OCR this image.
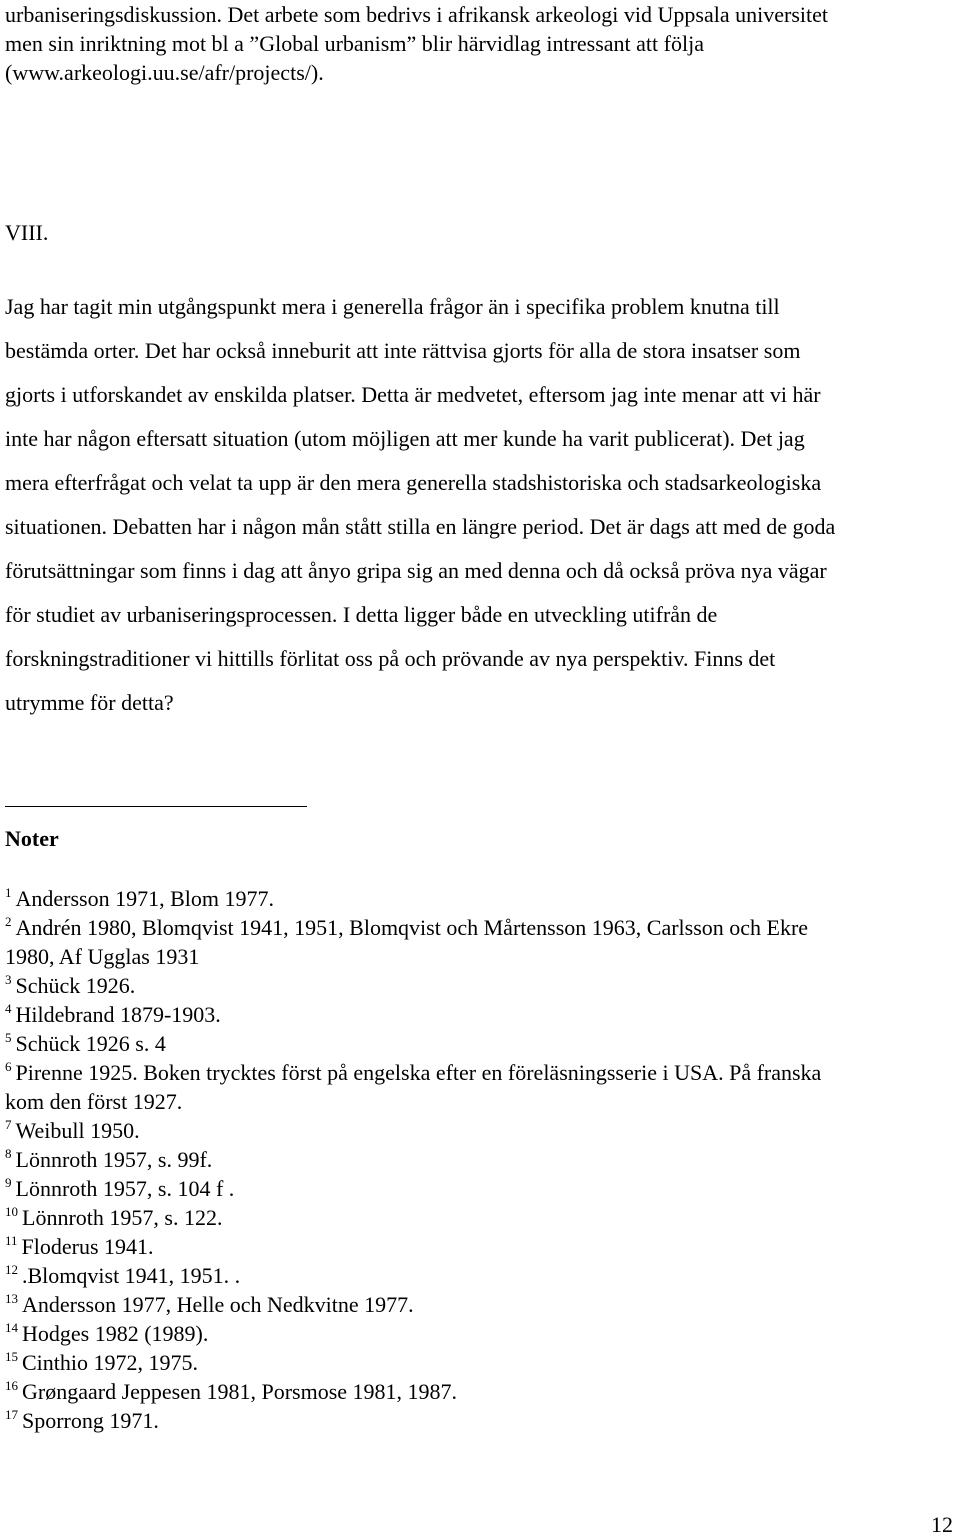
urbaniseringsdiskussion. Det arbete som bedrivs i afrikansk arkeologi vid Uppsala universitet
men sin inriktning mot bl a ”Global urbanism” blir härvidlag intressant att följa
(www.arkeologi.uu.se/afr/projects/).
VIII.
Jag har tagit min utgångspunkt mera i generella frågor än i specifika problem knutna till
bestämda orter. Det har också inneburit att inte rättvisa gjorts för alla de stora insatser som
gjorts i utforskandet av enskilda platser. Detta är medvetet, eftersom jag inte menar att vi här
inte har någon eftersatt situation (utom möjligen att mer kunde ha varit publicerat). Det jag
mera efterfrågat och velat ta upp är den mera generella stadshistoriska och stadsarkeologiska
situationen. Debatten har i någon mån stått stilla en längre period. Det är dags att med de goda
förutsättningar som finns i dag att ånyo gripa sig an med denna och då också pröva nya vägar
för studiet av urbaniseringsprocessen. I detta ligger både en utveckling utifrån de
forskningstraditioner vi hittills förlitat oss på och prövande av nya perspektiv. Finns det
utrymme för detta?
Noter
$^1$ Andersson 1971, Blom 1977.
$^2$ Andrén 1980, Blomqvist 1941, 1951, Blomqvist och Mårtensson 1963, Carlsson och Ekre
1980, Af Ugglas 1931
$^3$ Schück 1926.
$^4$ Hildebrand 1879-1903.
$^5$ Schück 1926 s. 4
$^6$ Pirenne 1925. Boken trycktes först på engelska efter en föreläsningsserie i USA. På franska
kom den först 1927.
$^7$ Weibull 1950.
$^8$ Lönnroth 1957, s. 99f.
$^9$ Lönnroth 1957, s. 104 f .
$^{10}$ Lönnroth 1957, s. 122.
$^{11}$ Floderus 1941.
$^{12}$ .Blomqvist 1941, 1951. .
$^{13}$ Andersson 1977, Helle och Nedkvitne 1977.
$^{14}$ Hodges 1982 (1989).
$^{15}$ Cinthio 1972, 1975.
$^{16}$ Grøngaard Jeppesen 1981, Porsmose 1981, 1987.
$^{17}$ Sporrong 1971.
12
